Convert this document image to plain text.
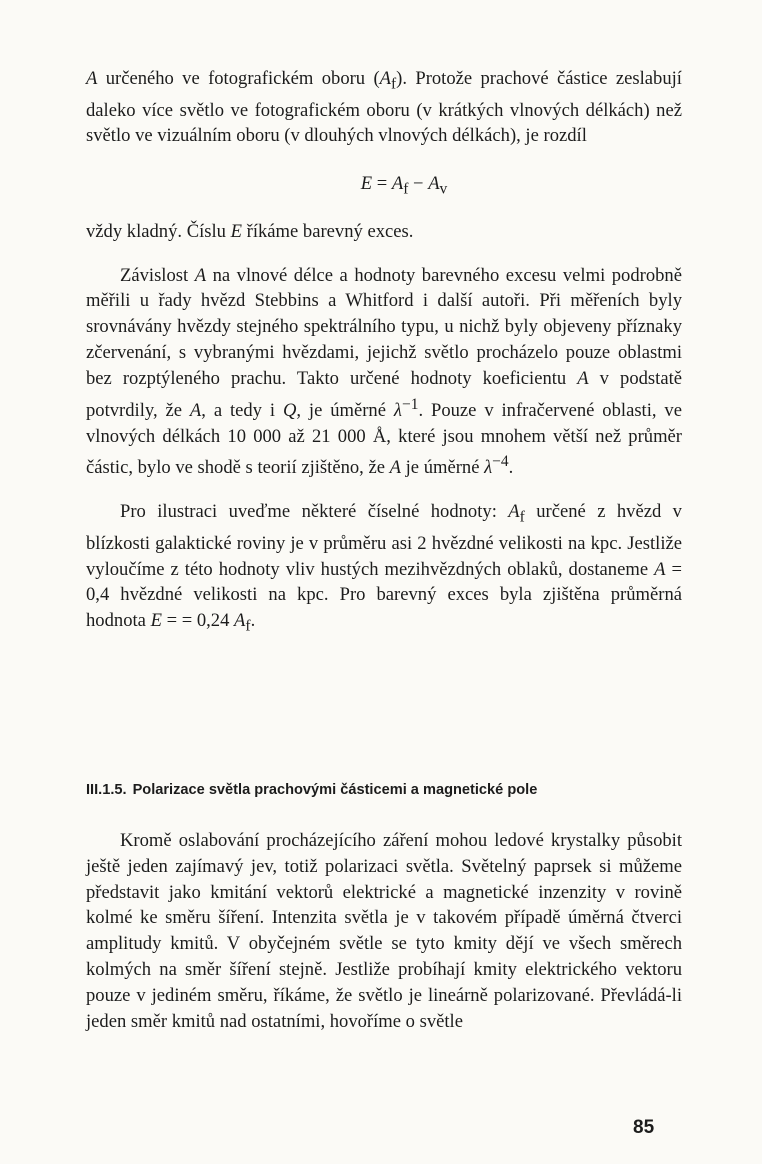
A určeného ve fotografickém oboru $(A_f)$. Protože prachové částice zeslabují daleko více světlo ve fotografickém oboru (v krátkých vlnových délkách) než světlo ve vizuálním oboru (v dlouhých vlnových délkách), je rozdíl

$E = A_f - A_v$

vždy kladný. Číslu E říkáme barevný exces.

Závislost A na vlnové délce a hodnoty barevného excesu velmi podrobně měřili u řady hvězd Stebbins a Whitford i další autoři. Při měřeních byly srovnávány hvězdy stejného spektrálního typu, u nichž byly objeveny příznaky zčervenání, s vybranými hvězdami, jejichž světlo procházelo pouze oblastmi bez rozptýleného prachu. Takto určené hodnoty koeficientu A v podstatě potvrdily, že A, a tedy i Q, je úměrné $\lambda^{-1}$. Pouze v infračervené oblasti, ve vlnových délkách 10 000 až 21 000 Å, které jsou mnohem větší než průměr částic, bylo ve shodě s teorií zjištěno, že A je úměrné $\lambda^{-4}$.

Pro ilustraci uveďme některé číselné hodnoty: $A_f$ určené z hvězd v blízkosti galaktické roviny je v průměru asi 2 hvězdné velikosti na kpc. Jestliže vyloučíme z této hodnoty vliv hustých mezihvězdných oblaků, dostaneme A = 0,4 hvězdné velikosti na kpc. Pro barevný exces byla zjištěna průměrná hodnota E = = 0,24 $A_f$.

III.1.5. Polarizace světla prachovými částicemi a magnetické pole

Kromě oslabování procházejícího záření mohou ledové krystalky působit ještě jeden zajímavý jev, totiž polarizaci světla. Světelný paprsek si můžeme představit jako kmitání vektorů elektrické a magnetické inzenzity v rovině kolmé ke směru šíření. Intenzita světla je v takovém případě úměrná čtverci amplitudy kmitů. V obyčejném světle se tyto kmity dějí ve všech směrech kolmých na směr šíření stejně. Jestliže probíhají kmity elektrického vektoru pouze v jediném směru, říkáme, že světlo je lineárně polarizované. Převládá-li jeden směr kmitů nad ostatními, hovoříme o světle

85
